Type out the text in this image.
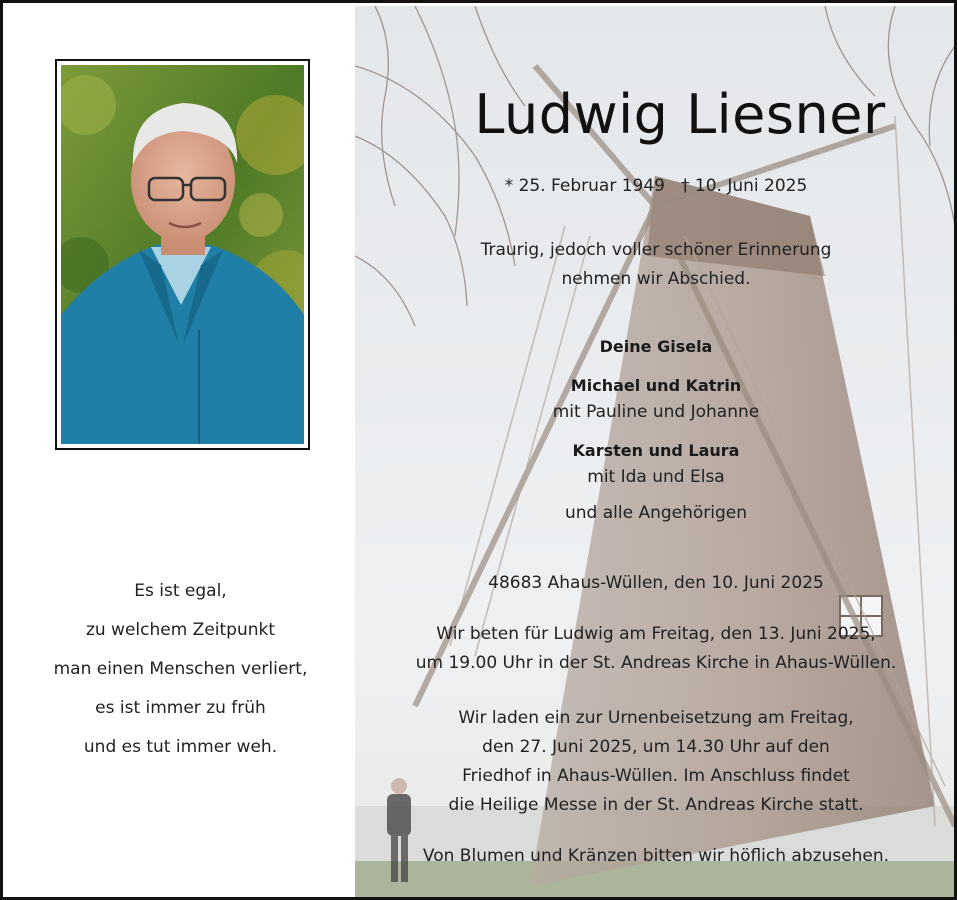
Es ist egal,
zu welchem Zeitpunkt
man einen Menschen verliert,
es ist immer zu früh
und es tut immer weh.
Ludwig Liesner
* 25. Februar 1949 † 10. Juni 2025
Traurig, jedoch voller schöner Erinnerung
nehmen wir Abschied.
Deine Gisela
Michael und Katrin
mit Pauline und Johanne
Karsten und Laura
mit Ida und Elsa
und alle Angehörigen
48683 Ahaus-Wüllen, den 10. Juni 2025
Wir beten für Ludwig am Freitag, den 13. Juni 2025,
um 19.00 Uhr in der St. Andreas Kirche in Ahaus-Wüllen.
Wir laden ein zur Urnenbeisetzung am Freitag,
den 27. Juni 2025, um 14.30 Uhr auf den
Friedhof in Ahaus-Wüllen. Im Anschluss findet
die Heilige Messe in der St. Andreas Kirche statt.
Von Blumen und Kränzen bitten wir höflich abzusehen.
